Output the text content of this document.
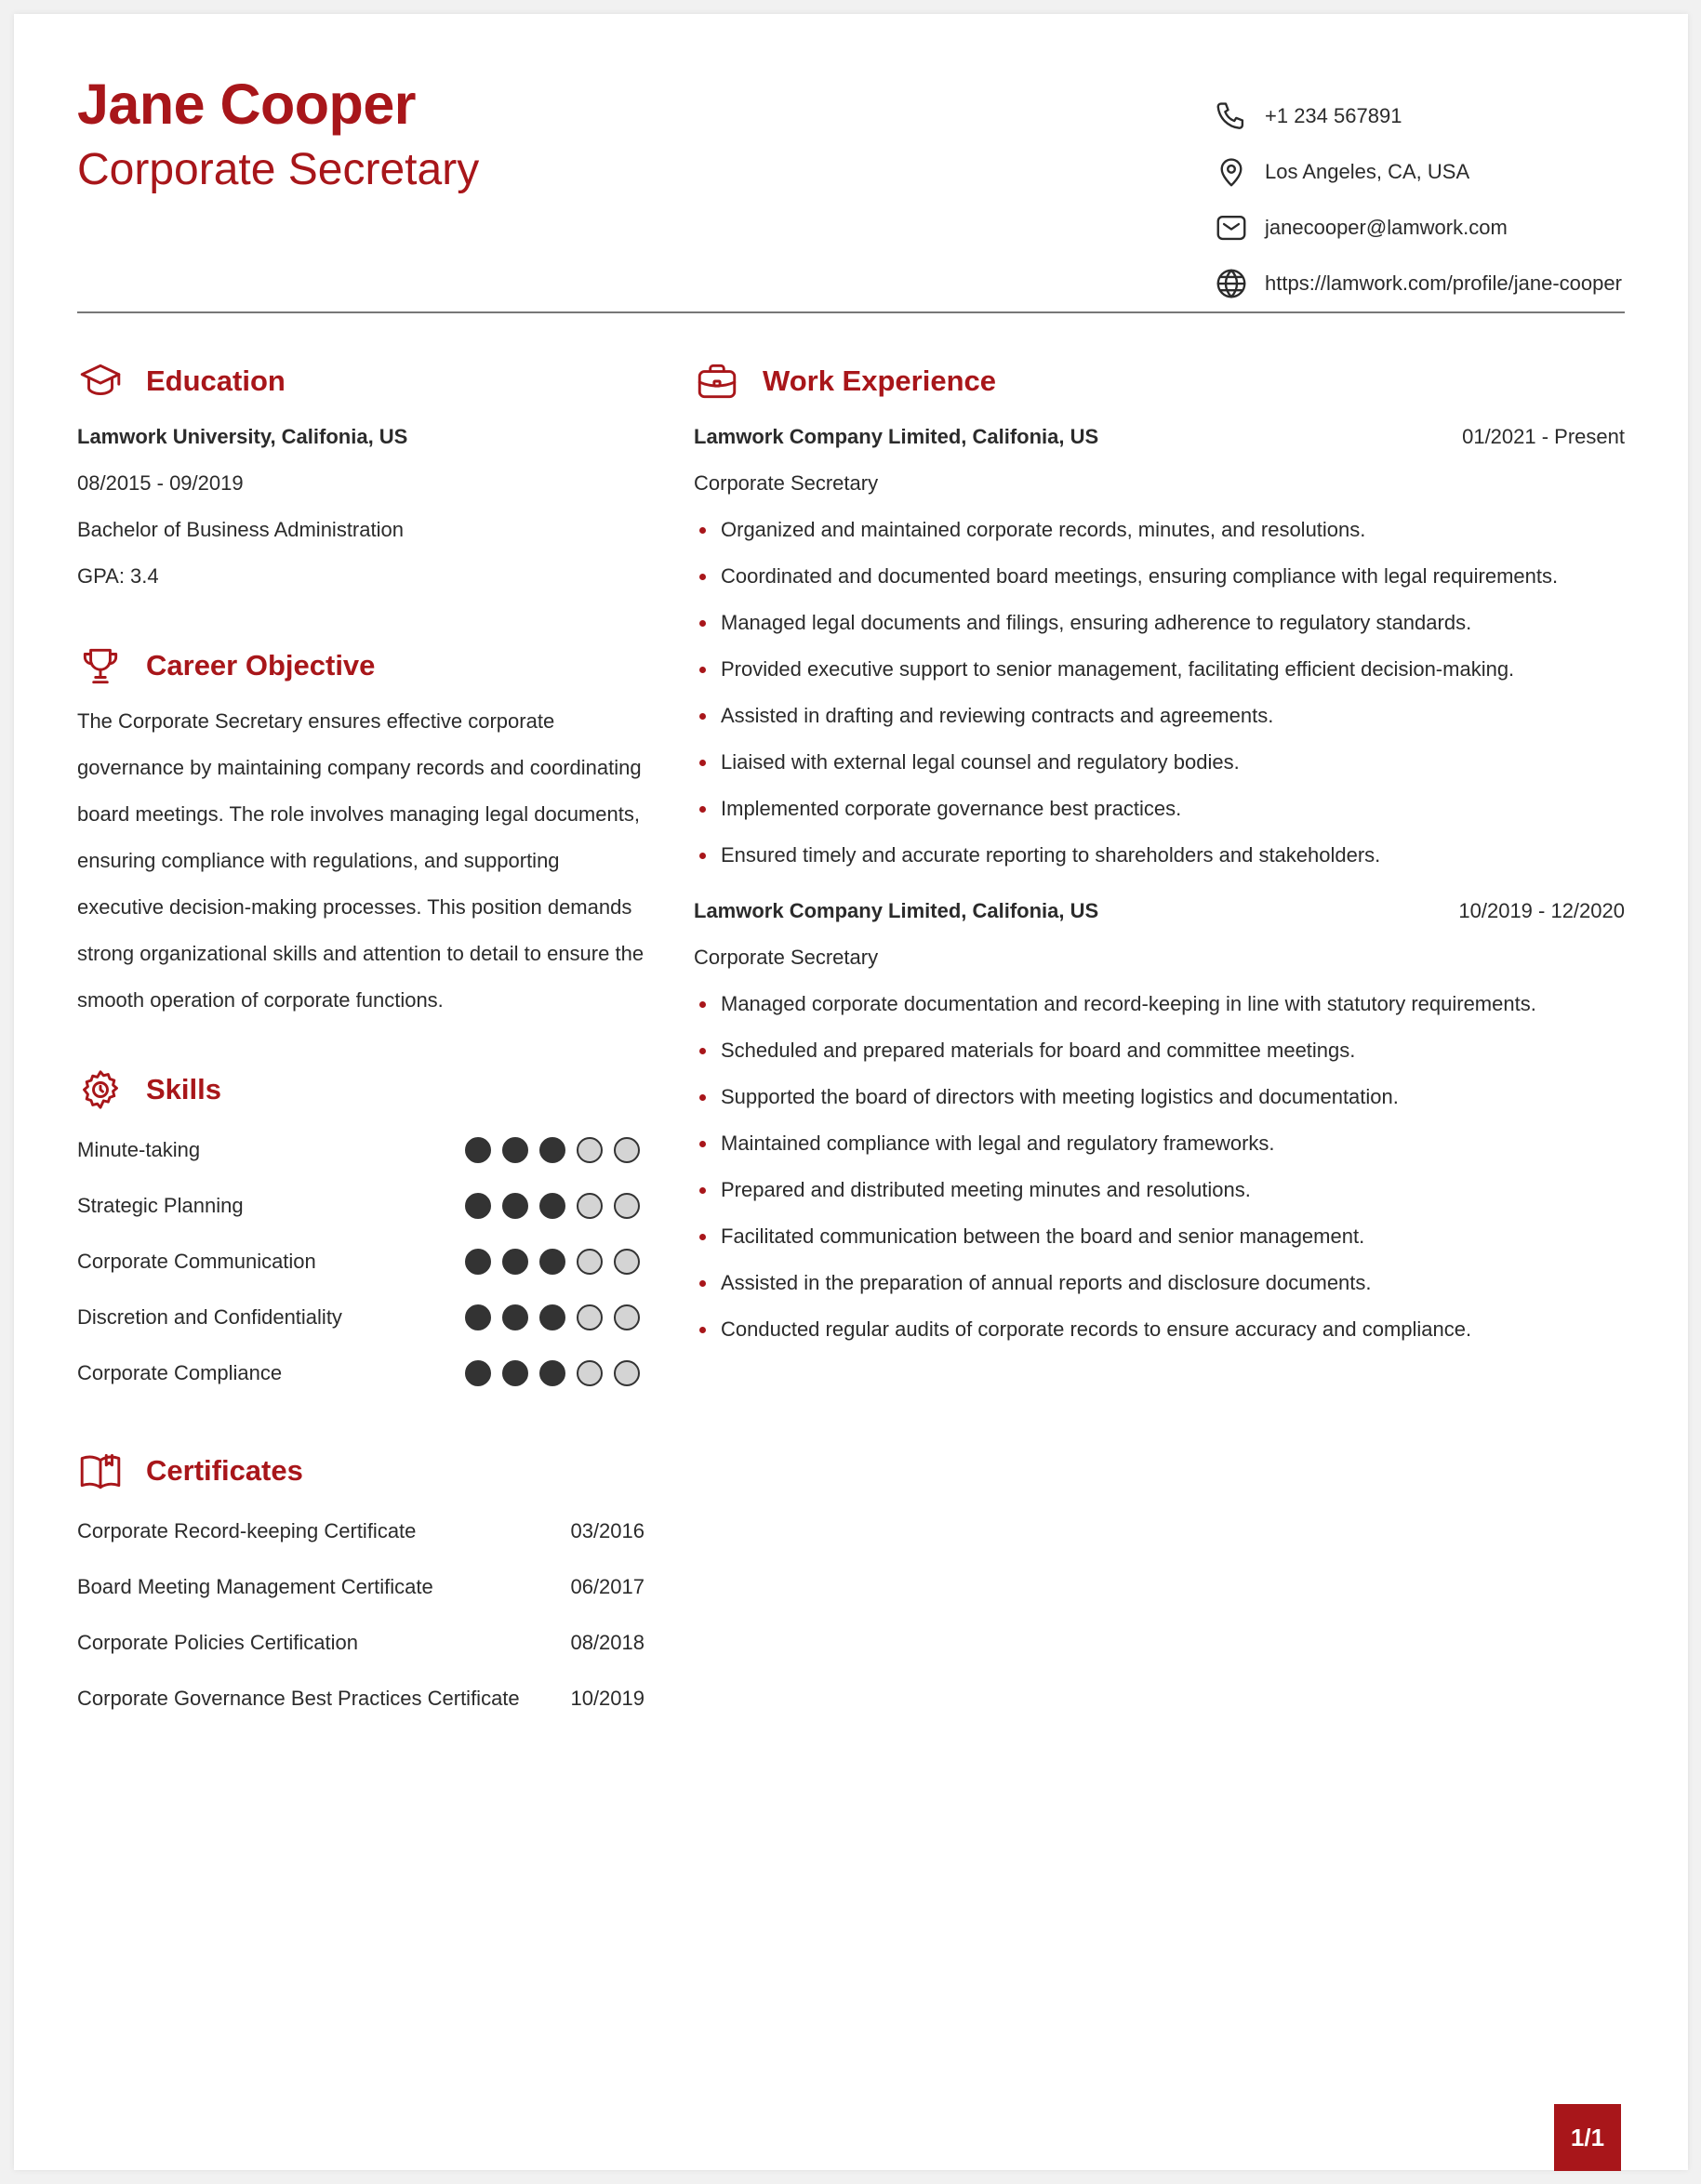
Jane Cooper
Corporate Secretary
+1 234 567891
Los Angeles, CA, USA
janecooper@lamwork.com
https://lamwork.com/profile/jane-cooper
Education
Lamwork University, Califonia, US
08/2015 - 09/2019
Bachelor of Business Administration
GPA: 3.4
Career Objective
The Corporate Secretary ensures effective corporate governance by maintaining company records and coordinating board meetings. The role involves managing legal documents, ensuring compliance with regulations, and supporting executive decision-making processes. This position demands strong organizational skills and attention to detail to ensure the smooth operation of corporate functions.
Skills
Minute-taking
Strategic Planning
Corporate Communication
Discretion and Confidentiality
Corporate Compliance
Certificates
Corporate Record-keeping Certificate	03/2016
Board Meeting Management Certificate	06/2017
Corporate Policies Certification	08/2018
Corporate Governance Best Practices Certificate	10/2019
Work Experience
Lamwork Company Limited, Califonia, US	01/2021 - Present
Corporate Secretary
Organized and maintained corporate records, minutes, and resolutions.
Coordinated and documented board meetings, ensuring compliance with legal requirements.
Managed legal documents and filings, ensuring adherence to regulatory standards.
Provided executive support to senior management, facilitating efficient decision-making.
Assisted in drafting and reviewing contracts and agreements.
Liaised with external legal counsel and regulatory bodies.
Implemented corporate governance best practices.
Ensured timely and accurate reporting to shareholders and stakeholders.
Lamwork Company Limited, Califonia, US	10/2019 - 12/2020
Corporate Secretary
Managed corporate documentation and record-keeping in line with statutory requirements.
Scheduled and prepared materials for board and committee meetings.
Supported the board of directors with meeting logistics and documentation.
Maintained compliance with legal and regulatory frameworks.
Prepared and distributed meeting minutes and resolutions.
Facilitated communication between the board and senior management.
Assisted in the preparation of annual reports and disclosure documents.
Conducted regular audits of corporate records to ensure accuracy and compliance.
1/1
